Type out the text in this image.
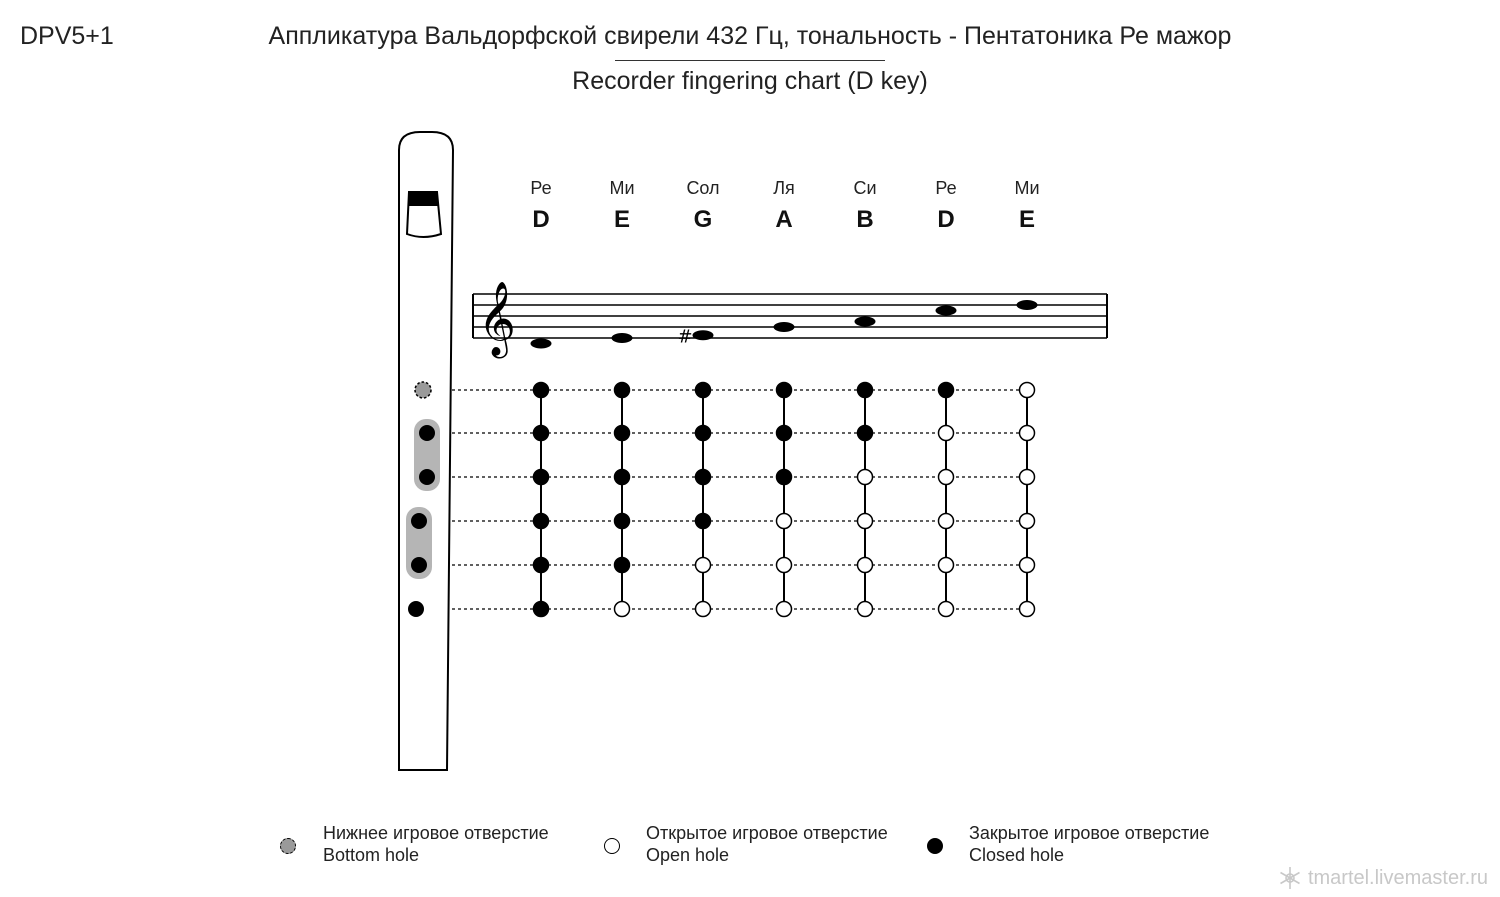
DPV5+1	Аппликатура Вальдорфской свирели 432 Гц, тональность - Пентатоника Ре мажор
Recorder fingering chart (D key)
𝄞
Ре
D
Ми
E
Сол
G
#
Ля
A
Си
B
Ре
D
Ми
E
Нижнее игровое отверстие
Bottom hole
Открытое игровое отверстие
Open hole
Закрытое игровое отверстие
Closed hole
tmartel.livemaster.ru
